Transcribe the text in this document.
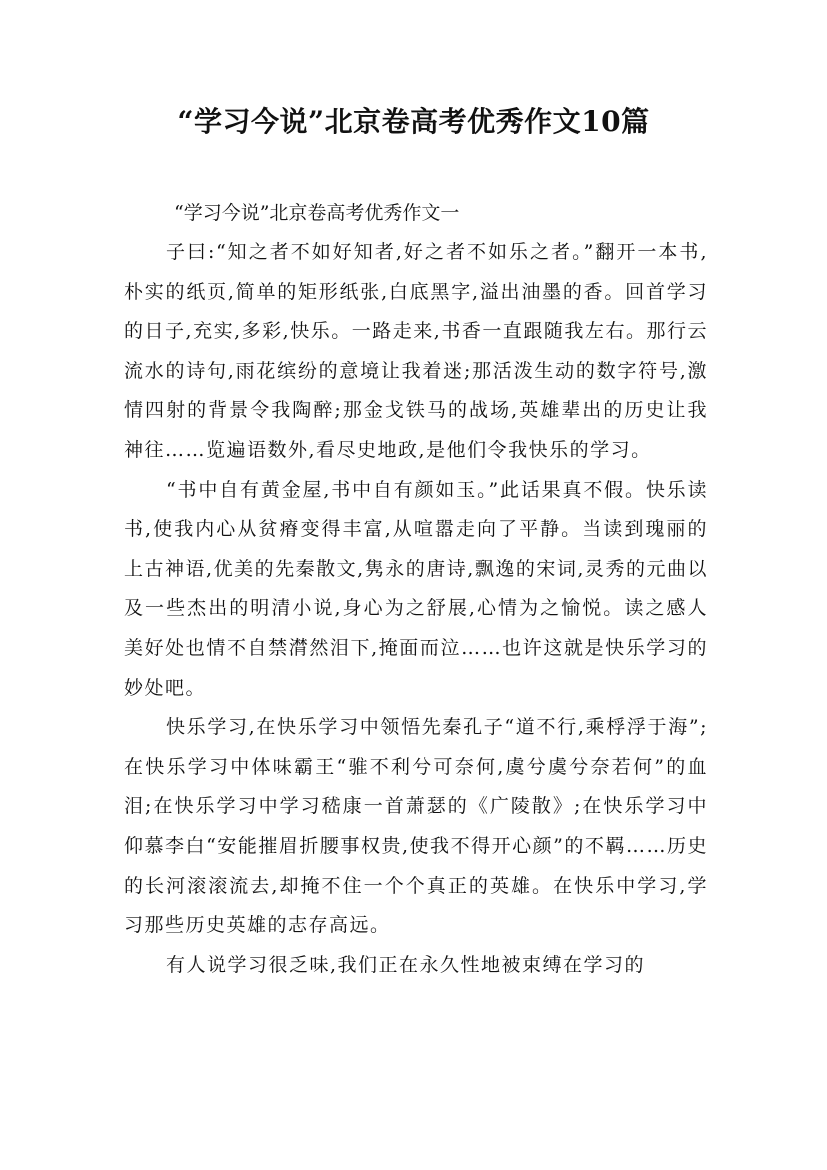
“学习今说”北京卷高考优秀作文10篇

“学习今说”北京卷高考优秀作文一

子曰:“知之者不如好知者,好之者不如乐之者。”翻开一本书,朴实的纸页,简单的矩形纸张,白底黑字,溢出油墨的香。回首学习的日子,充实,多彩,快乐。一路走来,书香一直跟随我左右。那行云流水的诗句,雨花缤纷的意境让我着迷;那活泼生动的数字符号,激情四射的背景令我陶醉;那金戈铁马的战场,英雄辈出的历史让我神往……览遍语数外,看尽史地政,是他们令我快乐的学习。

“书中自有黄金屋,书中自有颜如玉。”此话果真不假。快乐读书,使我内心从贫瘠变得丰富,从喧嚣走向了平静。当读到瑰丽的上古神语,优美的先秦散文,隽永的唐诗,飘逸的宋词,灵秀的元曲以及一些杰出的明清小说,身心为之舒展,心情为之愉悦。读之感人美好处也情不自禁潸然泪下,掩面而泣……也许这就是快乐学习的妙处吧。

快乐学习,在快乐学习中领悟先秦孔子“道不行,乘桴浮于海”;在快乐学习中体味霸王“骓不利兮可奈何,虞兮虞兮奈若何”的血泪;在快乐学习中学习嵇康一首萧瑟的《广陵散》;在快乐学习中仰慕李白“安能摧眉折腰事权贵,使我不得开心颜”的不羁……历史的长河滚滚流去,却掩不住一个个真正的英雄。在快乐中学习,学习那些历史英雄的志存高远。

有人说学习很乏味,我们正在永久性地被束缚在学习的
